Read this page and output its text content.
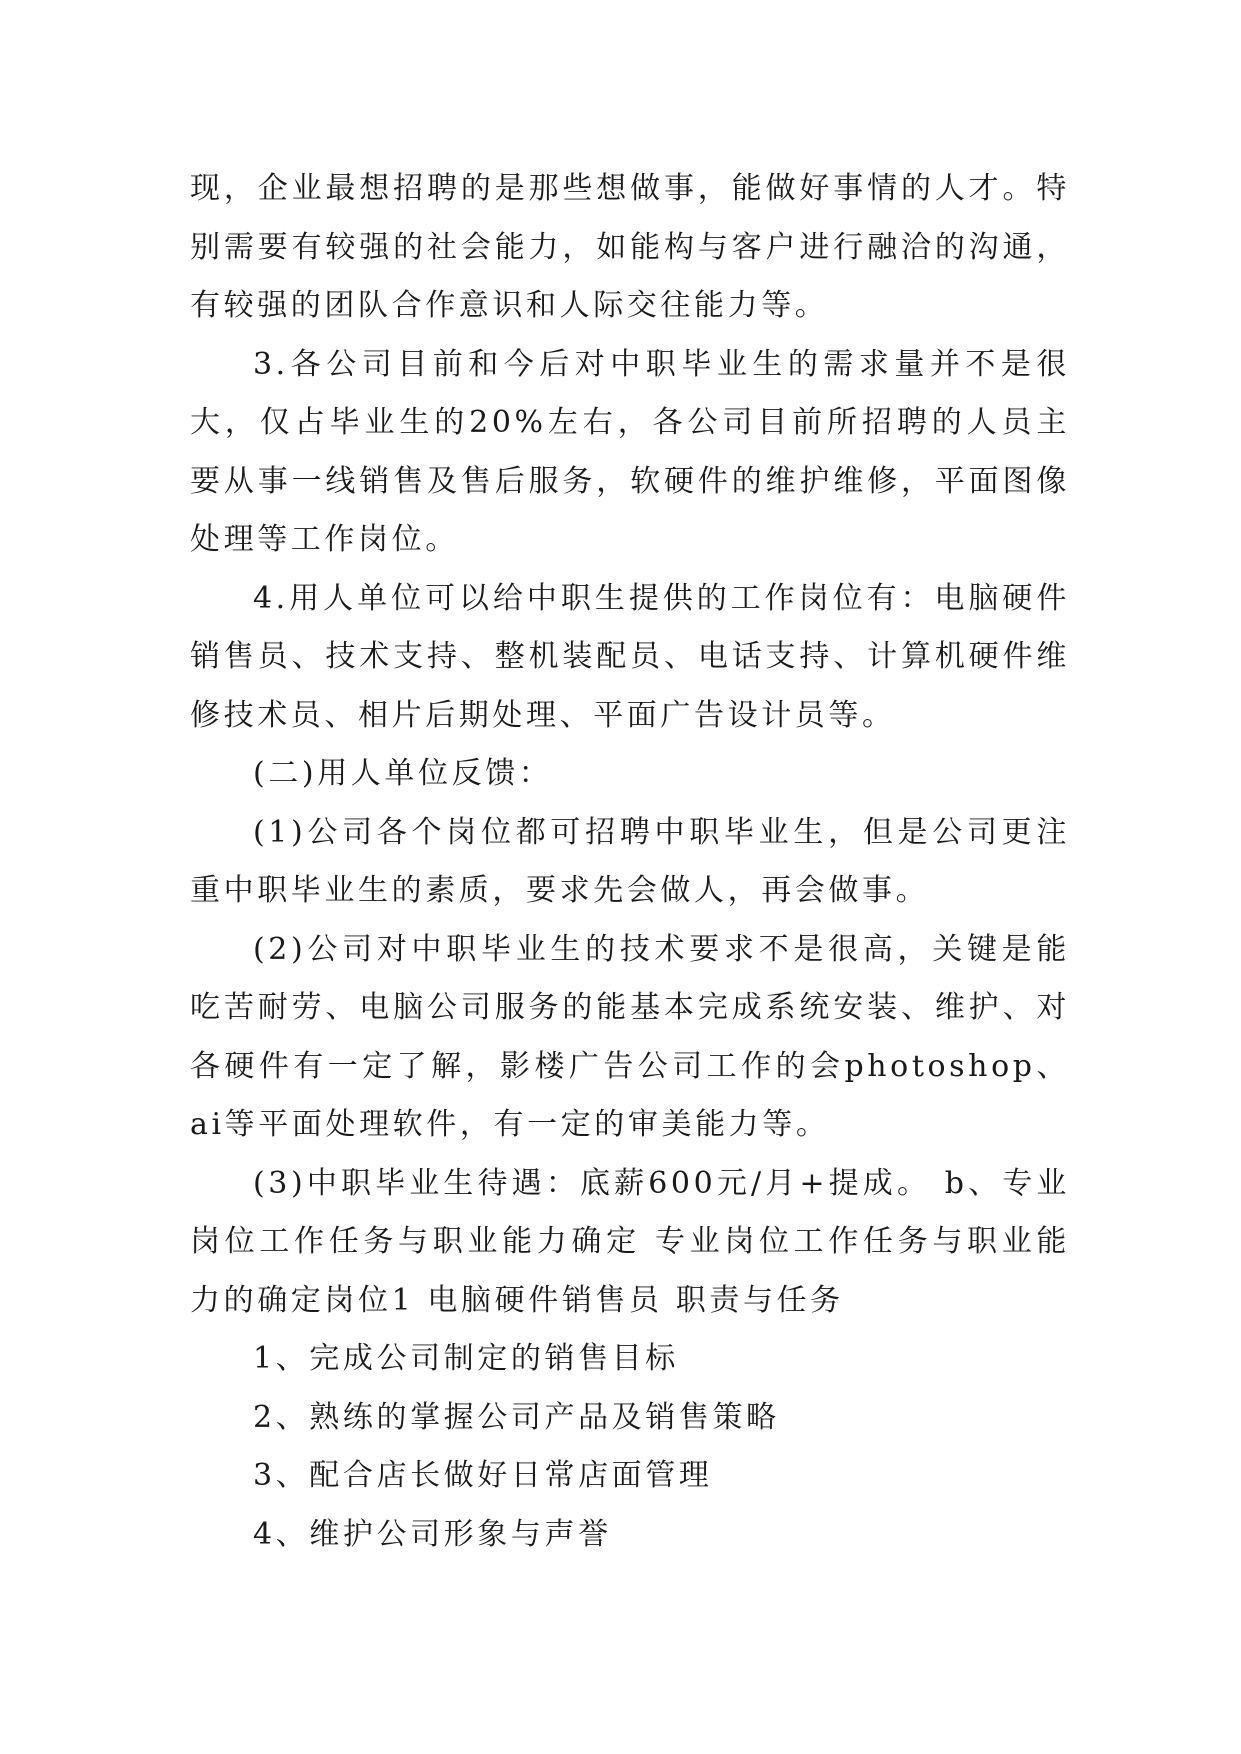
现，企业最想招聘的是那些想做事，能做好事情的人才。特别需要有较强的社会能力，如能构与客户进行融洽的沟通，有较强的团队合作意识和人际交往能力等。

3.各公司目前和今后对中职毕业生的需求量并不是很大，仅占毕业生的20%左右，各公司目前所招聘的人员主要从事一线销售及售后服务，软硬件的维护维修，平面图像处理等工作岗位。

4.用人单位可以给中职生提供的工作岗位有：电脑硬件销售员、技术支持、整机装配员、电话支持、计算机硬件维修技术员、相片后期处理、平面广告设计员等。

(二)用人单位反馈：

(1)公司各个岗位都可招聘中职毕业生，但是公司更注重中职毕业生的素质，要求先会做人，再会做事。

(2)公司对中职毕业生的技术要求不是很高，关键是能吃苦耐劳、电脑公司服务的能基本完成系统安装、维护、对各硬件有一定了解，影楼广告公司工作的会photoshop、ai等平面处理软件，有一定的审美能力等。

(3)中职毕业生待遇：底薪600元/月+提成。 b、专业岗位工作任务与职业能力确定 专业岗位工作任务与职业能力的确定岗位1 电脑硬件销售员 职责与任务

1、完成公司制定的销售目标

2、熟练的掌握公司产品及销售策略

3、配合店长做好日常店面管理

4、维护公司形象与声誉
